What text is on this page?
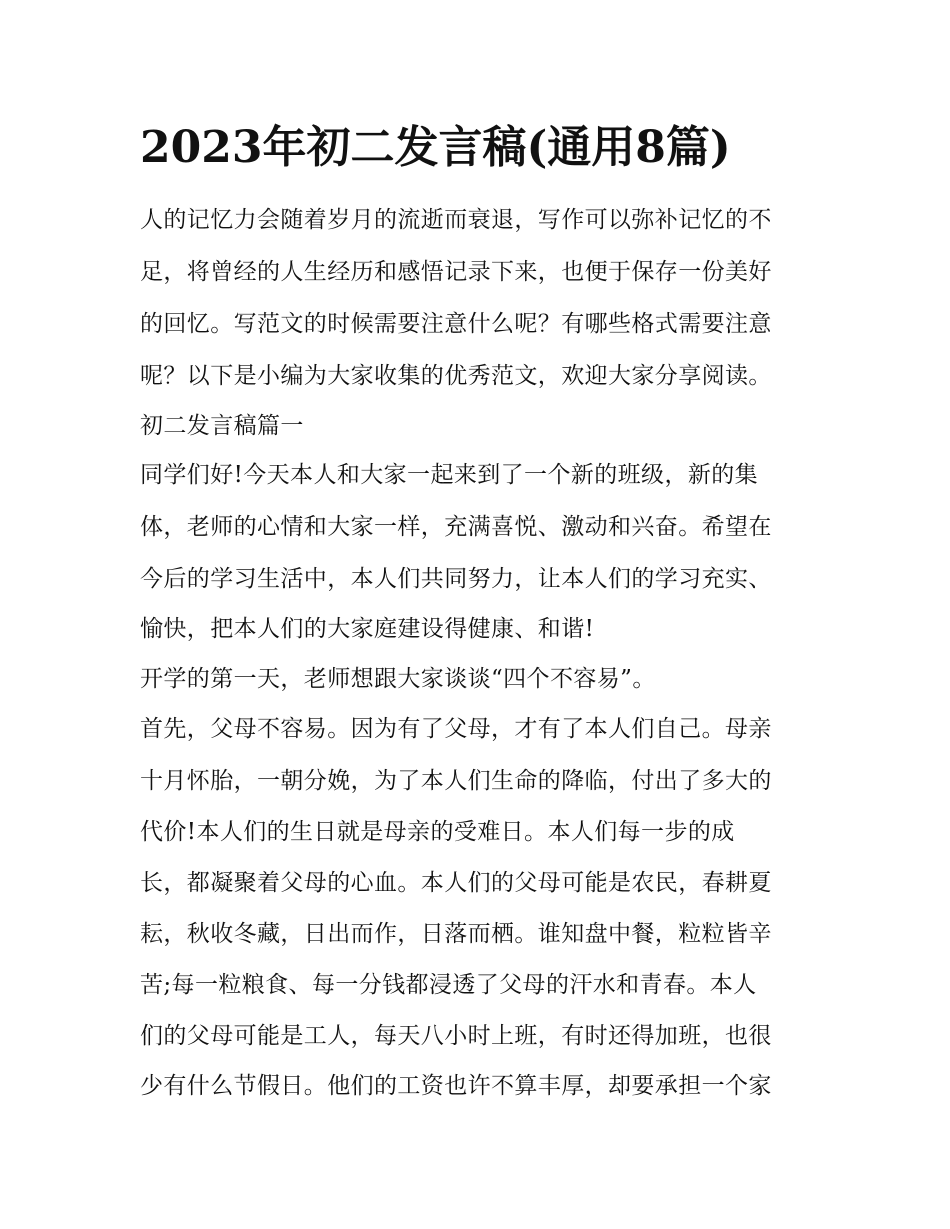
2023年初二发言稿(通用8篇)

人的记忆力会随着岁月的流逝而衰退，写作可以弥补记忆的不

足，将曾经的人生经历和感悟记录下来，也便于保存一份美好

的回忆。写范文的时候需要注意什么呢？有哪些格式需要注意

呢？以下是小编为大家收集的优秀范文，欢迎大家分享阅读。

初二发言稿篇一

同学们好!今天本人和大家一起来到了一个新的班级，新的集

体，老师的心情和大家一样，充满喜悦、激动和兴奋。希望在

今后的学习生活中，本人们共同努力，让本人们的学习充实、

愉快，把本人们的大家庭建设得健康、和谐!

开学的第一天，老师想跟大家谈谈“四个不容易”。

首先，父母不容易。因为有了父母，才有了本人们自己。母亲

十月怀胎，一朝分娩，为了本人们生命的降临，付出了多大的

代价!本人们的生日就是母亲的受难日。本人们每一步的成

长，都凝聚着父母的心血。本人们的父母可能是农民，春耕夏

耘，秋收冬藏，日出而作，日落而栖。谁知盘中餐，粒粒皆辛

苦;每一粒粮食、每一分钱都浸透了父母的汗水和青春。本人

们的父母可能是工人，每天八小时上班，有时还得加班，也很

少有什么节假日。他们的工资也许不算丰厚，却要承担一个家
